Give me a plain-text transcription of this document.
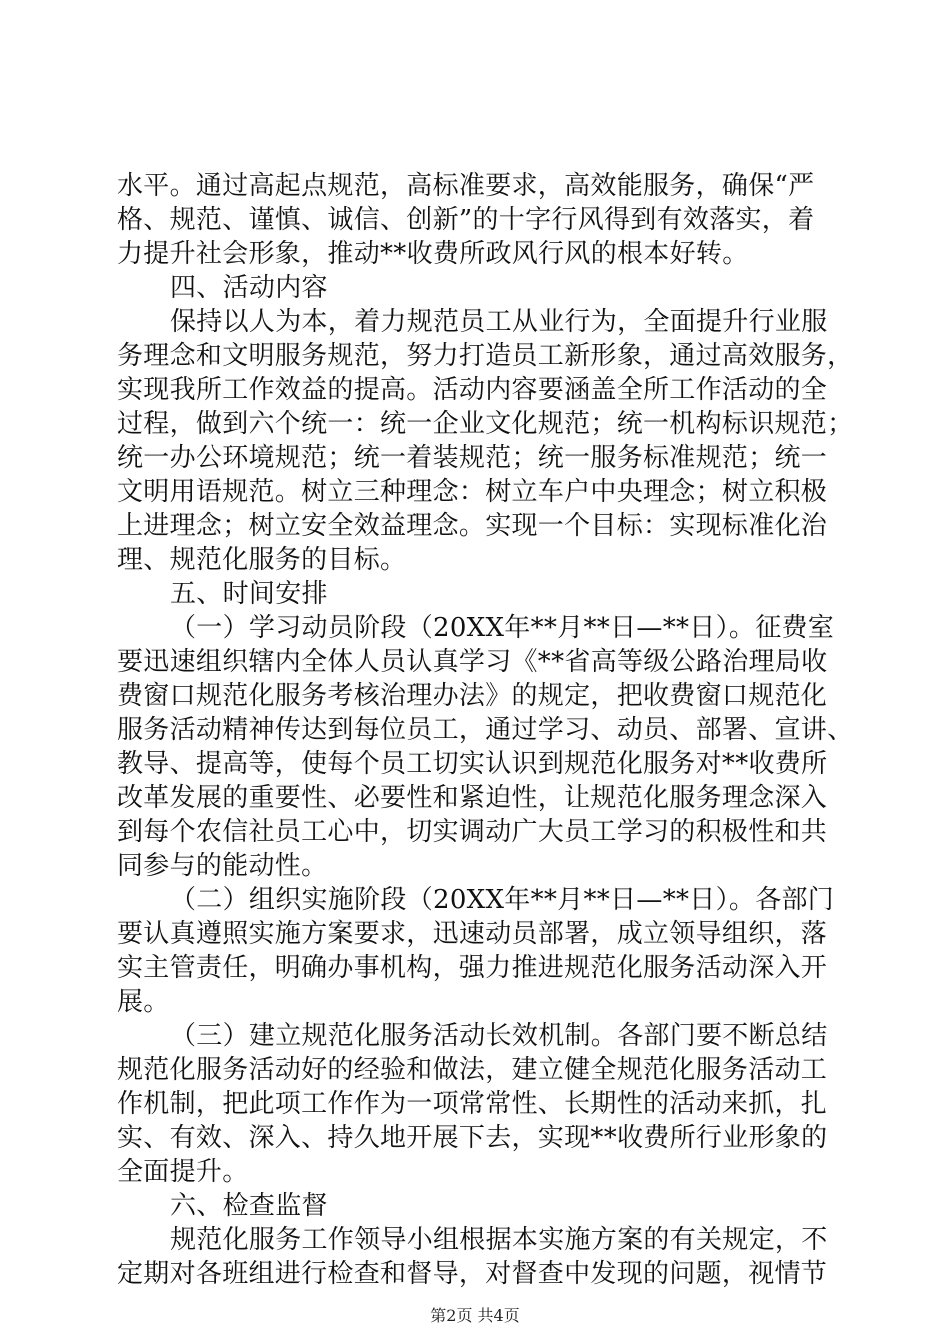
水平。通过高起点规范，高标准要求，高效能服务，确保“严
格、规范、谨慎、诚信、创新”的十字行风得到有效落实，着
力提升社会形象，推动**收费所政风行风的根本好转。
四、活动内容
保持以人为本，着力规范员工从业行为，全面提升行业服
务理念和文明服务规范，努力打造员工新形象，通过高效服务，
实现我所工作效益的提高。活动内容要涵盖全所工作活动的全
过程，做到六个统一：统一企业文化规范；统一机构标识规范；
统一办公环境规范；统一着装规范；统一服务标准规范；统一
文明用语规范。树立三种理念：树立车户中央理念；树立积极
上进理念；树立安全效益理念。实现一个目标：实现标准化治
理、规范化服务的目标。
五、时间安排
（一）学习动员阶段（20XX年**月**日—**日）。征费室
要迅速组织辖内全体人员认真学习《**省高等级公路治理局收
费窗口规范化服务考核治理办法》的规定，把收费窗口规范化
服务活动精神传达到每位员工，通过学习、动员、部署、宣讲、
教导、提高等，使每个员工切实认识到规范化服务对**收费所
改革发展的重要性、必要性和紧迫性，让规范化服务理念深入
到每个农信社员工心中，切实调动广大员工学习的积极性和共
同参与的能动性。
（二）组织实施阶段（20XX年**月**日—**日）。各部门
要认真遵照实施方案要求，迅速动员部署，成立领导组织，落
实主管责任，明确办事机构，强力推进规范化服务活动深入开
展。
（三）建立规范化服务活动长效机制。各部门要不断总结
规范化服务活动好的经验和做法，建立健全规范化服务活动工
作机制，把此项工作作为一项常常性、长期性的活动来抓，扎
实、有效、深入、持久地开展下去，实现**收费所行业形象的
全面提升。
六、检查监督
规范化服务工作领导小组根据本实施方案的有关规定，不
定期对各班组进行检查和督导，对督查中发现的问题，视情节
第2页 共4页
